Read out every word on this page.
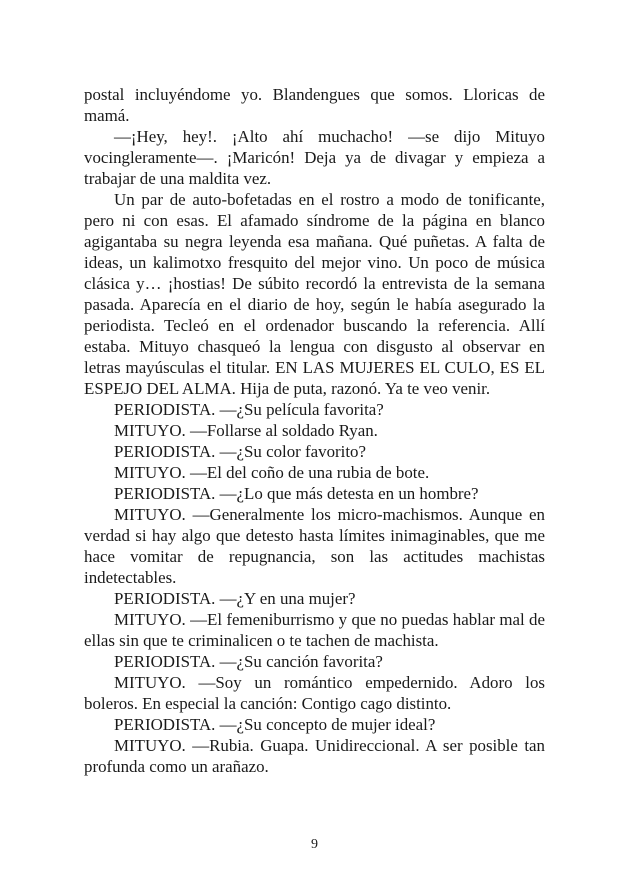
postal incluyéndome yo. Blandengues que somos. Lloricas de mamá.

—¡Hey, hey!. ¡Alto ahí muchacho! —se dijo Mituyo vocingleramente—. ¡Maricón! Deja ya de divagar y empieza a trabajar de una maldita vez.

Un par de auto-bofetadas en el rostro a modo de tonificante, pero ni con esas. El afamado síndrome de la página en blanco agigantaba su negra leyenda esa mañana. Qué puñetas. A falta de ideas, un kalimotxo fresquito del mejor vino. Un poco de música clásica y… ¡hostias! De súbito recordó la entrevista de la semana pasada. Aparecía en el diario de hoy, según le había asegurado la periodista. Tecleó en el ordenador buscando la referencia. Allí estaba. Mituyo chasqueó la lengua con disgusto al observar en letras mayúsculas el titular. EN LAS MUJERES EL CULO, ES EL ESPEJO DEL ALMA. Hija de puta, razonó. Ya te veo venir.

PERIODISTA. —¿Su película favorita?

MITUYO. —Follarse al soldado Ryan.

PERIODISTA. —¿Su color favorito?

MITUYO. —El del coño de una rubia de bote.

PERIODISTA. —¿Lo que más detesta en un hombre?

MITUYO. —Generalmente los micro-machismos. Aunque en verdad si hay algo que detesto hasta límites inimaginables, que me hace vomitar de repugnancia, son las actitudes machistas indetectables.

PERIODISTA. —¿Y en una mujer?

MITUYO. —El femeniburrismo y que no puedas hablar mal de ellas sin que te criminalicen o te tachen de machista.

PERIODISTA. —¿Su canción favorita?

MITUYO. —Soy un romántico empedernido. Adoro los boleros. En especial la canción: Contigo cago distinto.

PERIODISTA. —¿Su concepto de mujer ideal?

MITUYO. —Rubia. Guapa. Unidireccional. A ser posible tan profunda como un arañazo.

9
